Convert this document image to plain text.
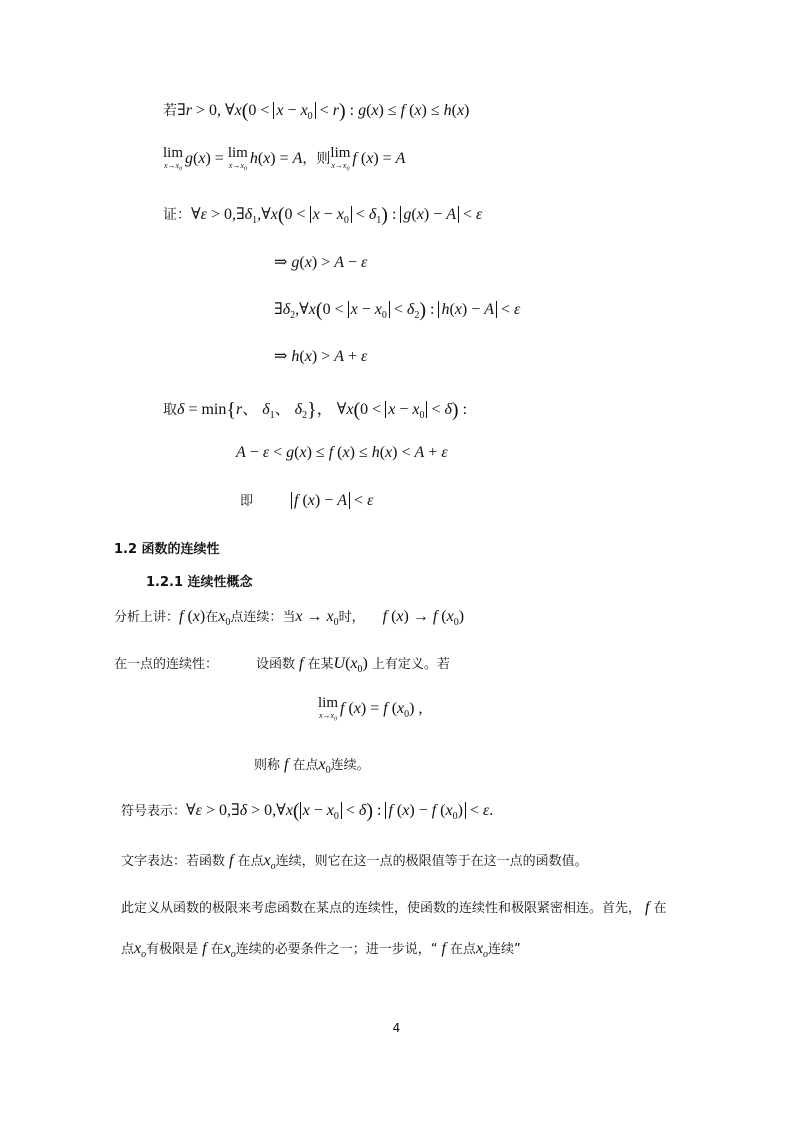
若∃r > 0, ∀x(0 < $x - x_0 < r$) : g(x) ≤ f (x) ≤ h(x)
lim
$x\to x_0$
g(x) = lim
$x\to x_0$
h(x) = A，则 lim
$x\to x_0$
f (x) = A
证：∀ε > $0,\exists\delta_1,\forall x(0 < x - x_0 < \delta_1)$ : g(x) − A < ε
⇒ g(x) > A − ε
$\exists\delta_2,\forall x(0 < x - x_0 < \delta_2)$ : h(x) − A < ε
⇒ h(x) > A + ε
取δ = min{r、 $\delta_1$、 $\delta_2$}， ∀x(0 < $x - x_0 < \delta$) :
A − ε < g(x) ≤ f (x) ≤ h(x) < A + ε
即	f (x) − A < ε
1.2 函数的连续性
1.2.1 连续性概念
分析上讲：f (x)在$x_0$点连续：当$x \to x_0$时， f (x) → f $(x_0)$
在一点的连续性：	设函数 f 在某$U(x_0)$ 上有定义。若
lim
$x\to x_0$
f (x) = f $(x_0)$ ,
则称 f 在点$x_0$连续。
符号表示：∀ε > 0,∃δ > 0,∀x( $x - x_0 < \delta$) : f (x) − f $(x_0) < \varepsilon$.
文字表达：若函数 f 在点$x_o$连续，则它在这一点的极限值等于在这一点的函数值。
此定义从函数的极限来考虑函数在某点的连续性，使函数的连续性和极限紧密相连。首先， f 在
点$x_o$有极限是 f 在$x_o$连续的必要条件之一；进一步说，“ f 在点$x_o$连续”
4
